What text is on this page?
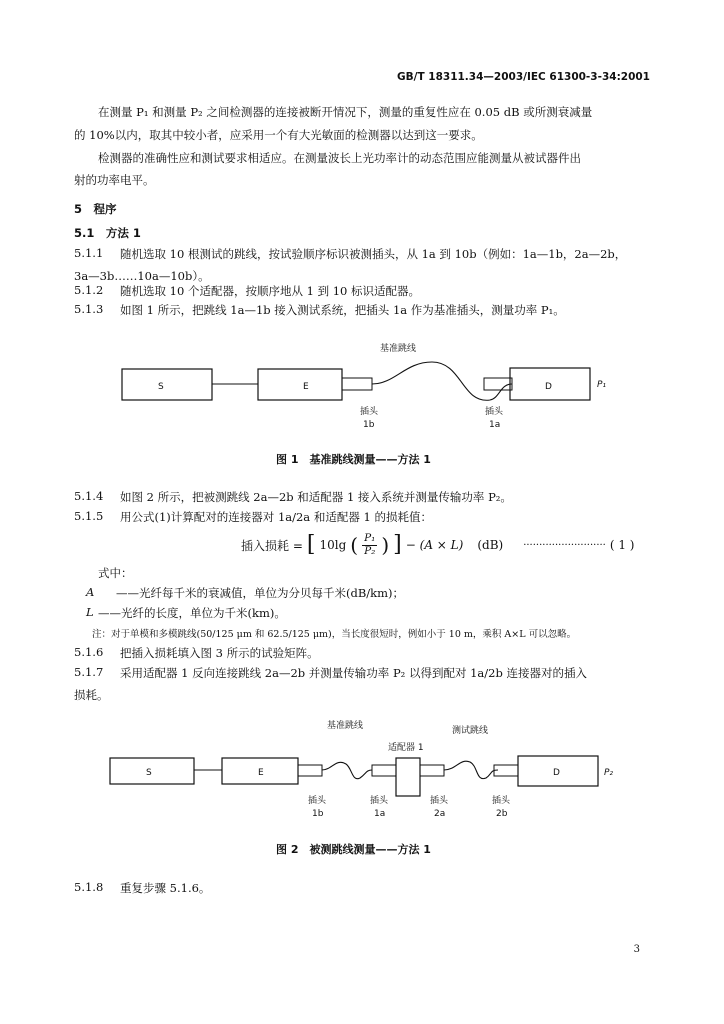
GB/T 18311.34—2003/IEC 61300-3-34:2001
在测量 P₁ 和测量 P₂ 之间检测器的连接被断开情况下，测量的重复性应在 0.05 dB 或所测衰减量
的 10%以内，取其中较小者，应采用一个有大光敏面的检测器以达到这一要求。
检测器的准确性应和测试要求相适应。在测量波长上光功率计的动态范围应能测量从被试器件出
射的功率电平。
5　程序
5.1　方法 1
5.1.1 随机选取 10 根测试的跳线，按试验顺序标识被测插头，从 1a 到 10b（例如：1a—1b，2a—2b，
3a—3b……10a—10b）。
5.1.2 随机选取 10 个适配器，按顺序地从 1 到 10 标识适配器。
5.1.3 如图 1 所示，把跳线 1a—1b 接入测试系统，把插头 1a 作为基准插头，测量功率 P₁。
基准跳线
S	E	D	P₁
插头
1b
插头
1a
基准跳线	测试跳线
适配器 1
S	E	D	P₂
插头
1b
插头
1a
插头
2a
插头
2b
图 1　基准跳线测量——方法 1
5.1.4 如图 2 所示，把被测跳线 2a—2b 和适配器 1 接入系统并测量传输功率 P₂。
5.1.5 用公式(1)计算配对的连接器对 1a/2a 和适配器 1 的损耗值：
插入损耗 = [ 10lg ( $\frac{\text{P₁}}{\text{P₂}}$ ) ] − (A × L) (dB) ·························· ( 1 )
式中：
A ——光纤每千米的衰减值，单位为分贝每千米(dB/km)；
L ——光纤的长度，单位为千米(km)。
注：对于单模和多模跳线(50/125 μm 和 62.5/125 μm)，当长度很短时，例如小于 10 m，乘积 A×L 可以忽略。
5.1.6 把插入损耗填入图 3 所示的试验矩阵。
5.1.7 采用适配器 1 反向连接跳线 2a—2b 并测量传输功率 P₂ 以得到配对 1a/2b 连接器对的插入
损耗。
图 2　被测跳线测量——方法 1
5.1.8 重复步骤 5.1.6。
3
